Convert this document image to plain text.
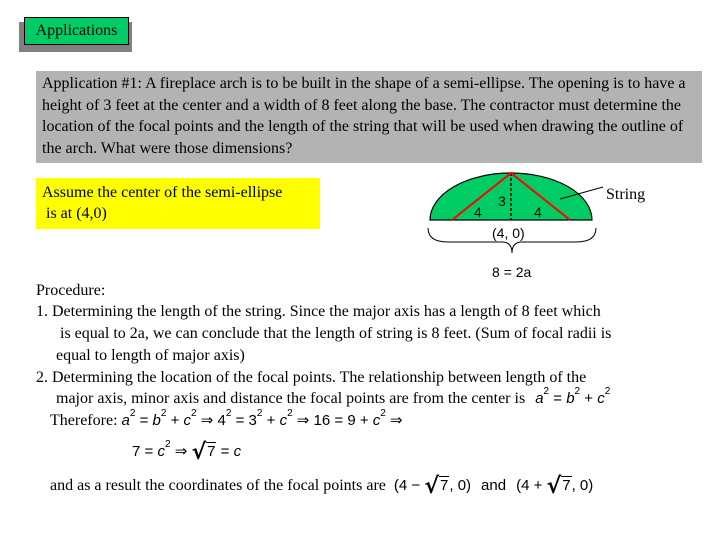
Applications
Application #1: A fireplace arch is to be built in the shape of a semi-ellipse. The opening is to have a height of 3 feet at the center and a width of 8 feet along the base. The contractor must determine the location of the focal points and the length of the string that will be used when drawing the outline of the arch. What were those dimensions?
Assume the center of the semi-ellipse
is at (4,0)
String
3
4	4
(4, 0)
8 = 2a
Procedure:
1. Determining the length of the string. Since the major axis has a length of 8 feet which
is equal to 2a, we can conclude that the length of string is 8 feet. (Sum of focal radii is
equal to length of major axis)
2. Determining the location of the focal points. The relationship between length of the
major axis, minor axis and distance the focal points are from the center is $a^2 = b^2 + c^2$
Therefore: $a^2 = b^2 + c^2$ ⇒ $4^2 = 3^2 + c^2$ ⇒ $16 = 9 + c^2$ ⇒
$7 = c^2$ ⇒ √7 = c
and as a result the coordinates of the focal points are (4 − √7, 0) and (4 + √7, 0)
